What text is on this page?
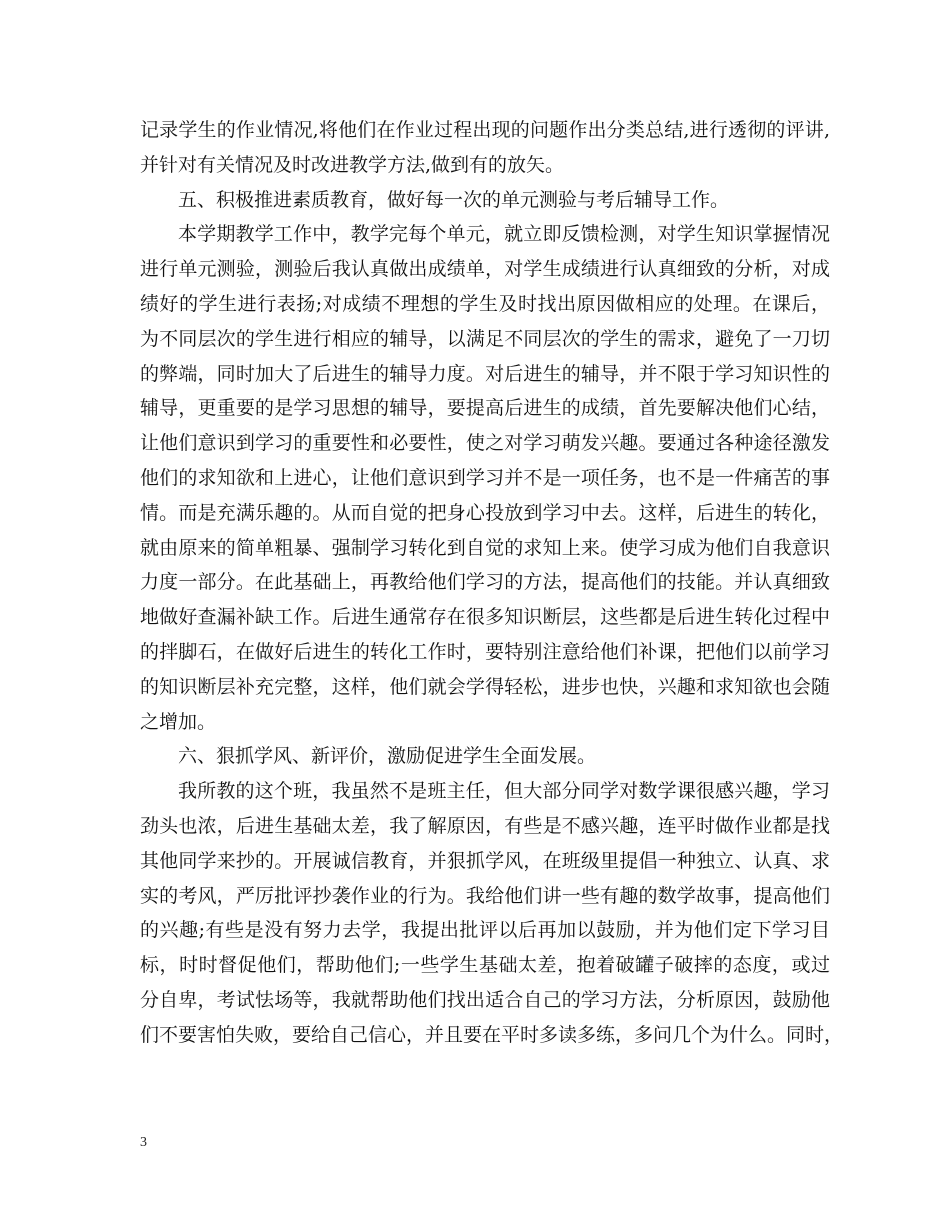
记录学生的作业情况,将他们在作业过程出现的问题作出分类总结,进行透彻的评讲,
并针对有关情况及时改进教学方法,做到有的放矢。
五、积极推进素质教育，做好每一次的单元测验与考后辅导工作。
本学期教学工作中，教学完每个单元，就立即反馈检测，对学生知识掌握情况
进行单元测验，测验后我认真做出成绩单，对学生成绩进行认真细致的分析，对成
绩好的学生进行表扬;对成绩不理想的学生及时找出原因做相应的处理。在课后，
为不同层次的学生进行相应的辅导，以满足不同层次的学生的需求，避免了一刀切
的弊端，同时加大了后进生的辅导力度。对后进生的辅导，并不限于学习知识性的
辅导，更重要的是学习思想的辅导，要提高后进生的成绩，首先要解决他们心结，
让他们意识到学习的重要性和必要性，使之对学习萌发兴趣。要通过各种途径激发
他们的求知欲和上进心，让他们意识到学习并不是一项任务，也不是一件痛苦的事
情。而是充满乐趣的。从而自觉的把身心投放到学习中去。这样，后进生的转化，
就由原来的简单粗暴、强制学习转化到自觉的求知上来。使学习成为他们自我意识
力度一部分。在此基础上，再教给他们学习的方法，提高他们的技能。并认真细致
地做好查漏补缺工作。后进生通常存在很多知识断层，这些都是后进生转化过程中
的拌脚石，在做好后进生的转化工作时，要特别注意给他们补课，把他们以前学习
的知识断层补充完整，这样，他们就会学得轻松，进步也快，兴趣和求知欲也会随
之增加。
六、狠抓学风、新评价，激励促进学生全面发展。
我所教的这个班，我虽然不是班主任，但大部分同学对数学课很感兴趣，学习
劲头也浓，后进生基础太差，我了解原因，有些是不感兴趣，连平时做作业都是找
其他同学来抄的。开展诚信教育，并狠抓学风，在班级里提倡一种独立、认真、求
实的考风，严厉批评抄袭作业的行为。我给他们讲一些有趣的数学故事，提高他们
的兴趣;有些是没有努力去学，我提出批评以后再加以鼓励，并为他们定下学习目
标，时时督促他们，帮助他们;一些学生基础太差，抱着破罐子破摔的态度，或过
分自卑，考试怯场等，我就帮助他们找出适合自己的学习方法，分析原因，鼓励他
们不要害怕失败，要给自己信心，并且要在平时多读多练，多问几个为什么。同时，
3
